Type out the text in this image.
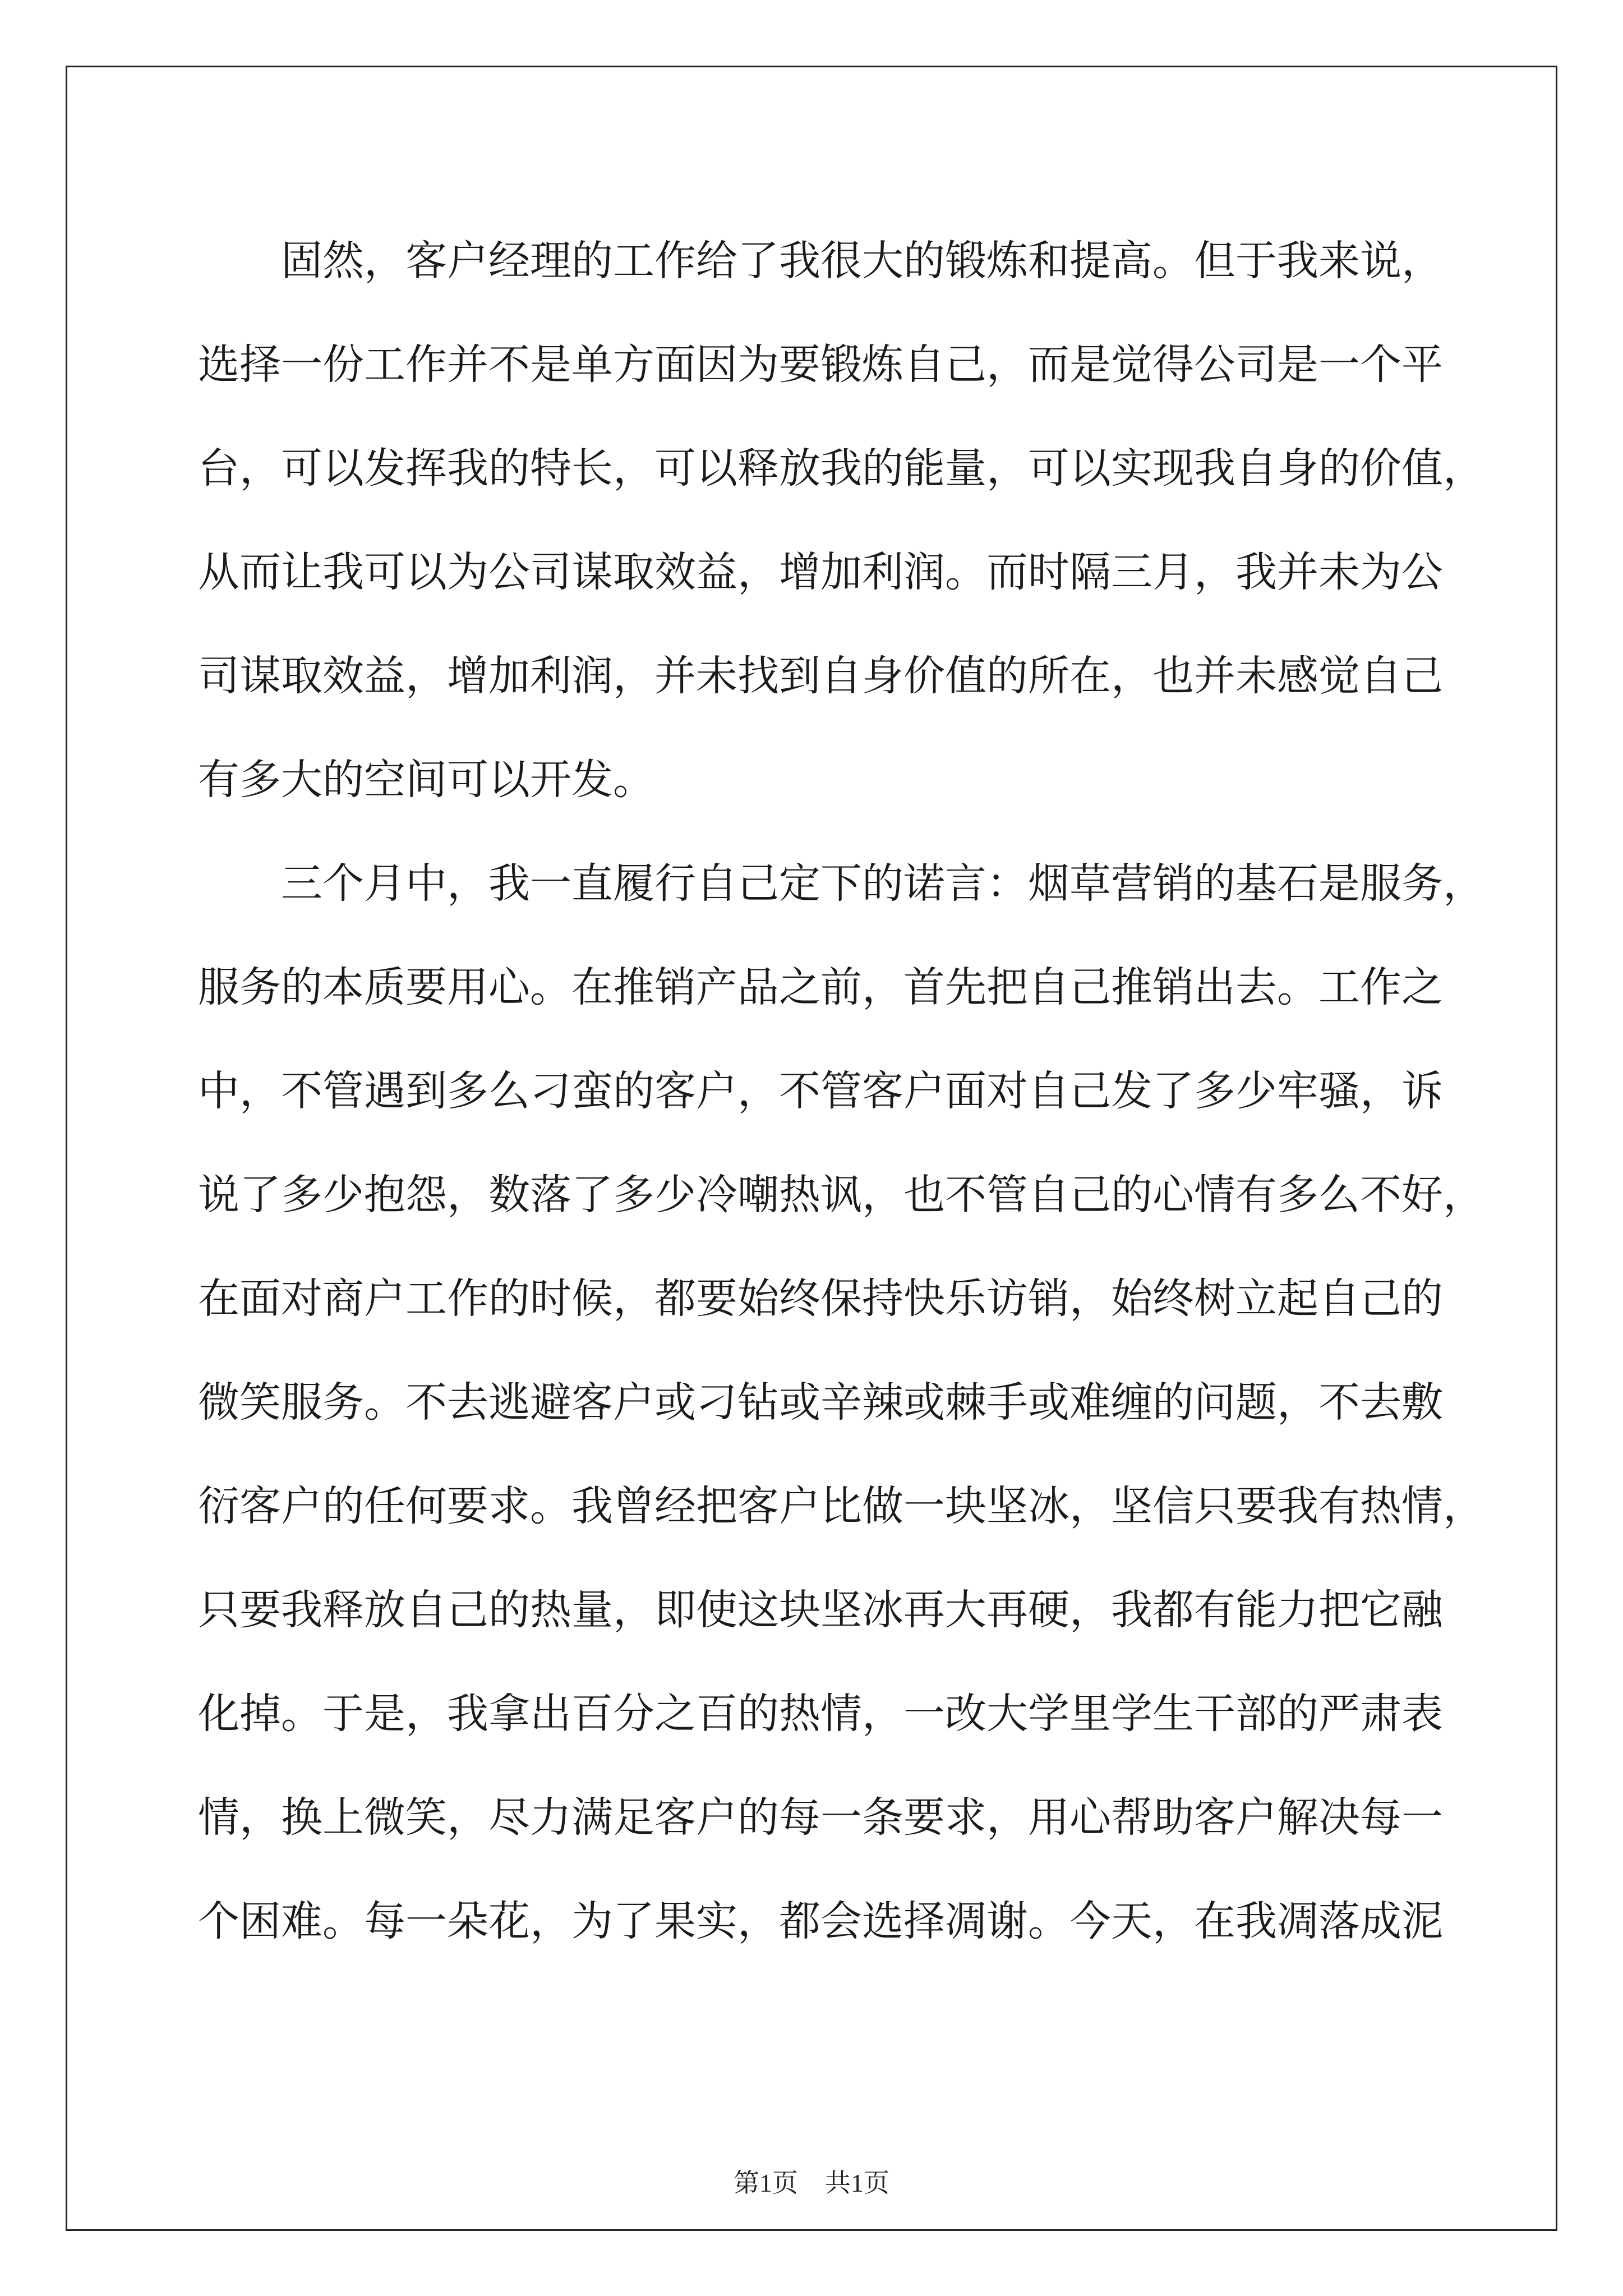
固然，客户经理的工作给了我很大的锻炼和提高。但于我来说，
选择一份工作并不是单方面因为要锻炼自己，而是觉得公司是一个平
台，可以发挥我的特长，可以释放我的能量，可以实现我自身的价值，
从而让我可以为公司谋取效益，增加利润。而时隔三月，我并未为公
司谋取效益，增加利润，并未找到自身价值的所在，也并未感觉自己
有多大的空间可以开发。
三个月中，我一直履行自己定下的诺言：烟草营销的基石是服务，
服务的本质要用心。在推销产品之前，首先把自己推销出去。工作之
中，不管遇到多么刁蛮的客户，不管客户面对自己发了多少牢骚，诉
说了多少抱怨，数落了多少冷嘲热讽，也不管自己的心情有多么不好，
在面对商户工作的时候，都要始终保持快乐访销，始终树立起自己的
微笑服务。不去逃避客户或刁钻或辛辣或棘手或难缠的问题，不去敷
衍客户的任何要求。我曾经把客户比做一块坚冰，坚信只要我有热情，
只要我释放自己的热量，即使这块坚冰再大再硬，我都有能力把它融
化掉。于是，我拿出百分之百的热情，一改大学里学生干部的严肃表
情，换上微笑，尽力满足客户的每一条要求，用心帮助客户解决每一
个困难。每一朵花，为了果实，都会选择凋谢。今天，在我凋落成泥
第1页 共1页
